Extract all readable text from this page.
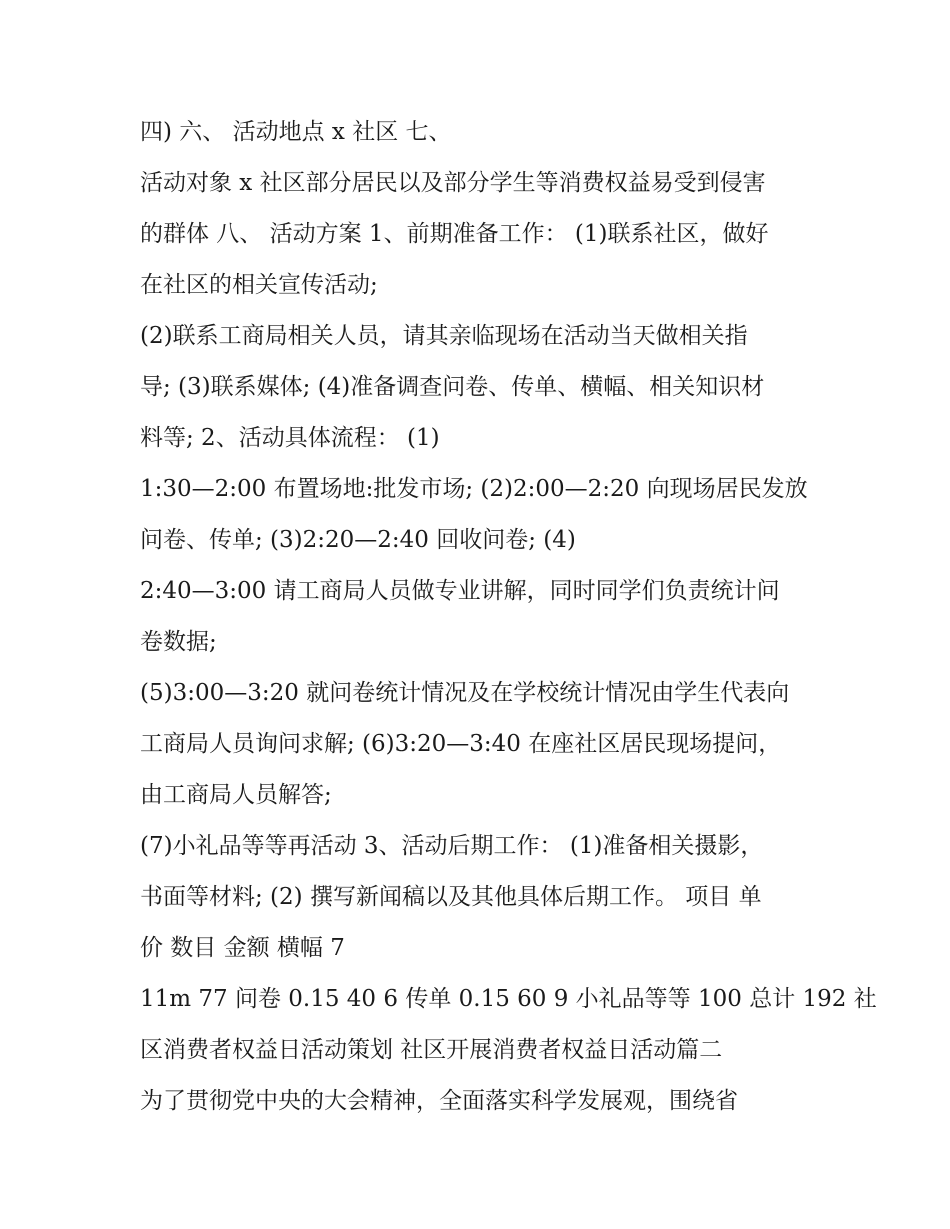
四) 六、 活动地点 x 社区 七、
活动对象 x 社区部分居民以及部分学生等消费权益易受到侵害
的群体 八、 活动方案 1、前期准备工作： (1)联系社区，做好
在社区的相关宣传活动;
(2)联系工商局相关人员，请其亲临现场在活动当天做相关指
导; (3)联系媒体; (4)准备调查问卷、传单、横幅、相关知识材
料等; 2、活动具体流程： (1)
1:30—2:00 布置场地:批发市场; (2)2:00—2:20 向现场居民发放
问卷、传单; (3)2:20—2:40 回收问卷; (4)
2:40—3:00 请工商局人员做专业讲解，同时同学们负责统计问
卷数据;
(5)3:00—3:20 就问卷统计情况及在学校统计情况由学生代表向
工商局人员询问求解; (6)3:20—3:40 在座社区居民现场提问，
由工商局人员解答;
(7)小礼品等等再活动 3、活动后期工作： (1)准备相关摄影，
书面等材料; (2) 撰写新闻稿以及其他具体后期工作。 项目 单
价 数目 金额 横幅 7
11m 77 问卷 0.15 40 6 传单 0.15 60 9 小礼品等等 100 总计 192 社
区消费者权益日活动策划 社区开展消费者权益日活动篇二
为了贯彻党中央的大会精神，全面落实科学发展观，围绕省
